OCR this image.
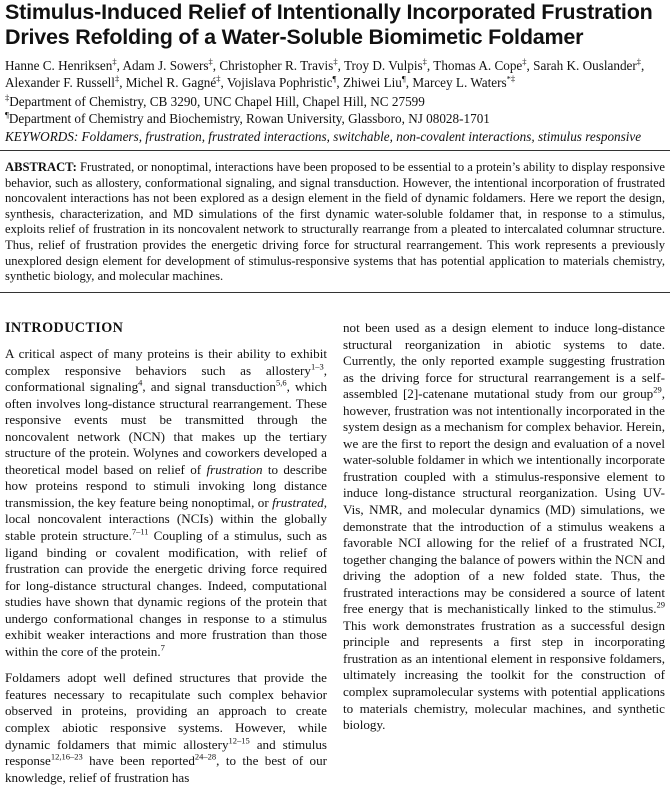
Stimulus-Induced Relief of Intentionally Incorporated Frustration Drives Refolding of a Water-Soluble Biomimetic Foldamer
Hanne C. Henriksen‡, Adam J. Sowers‡, Christopher R. Travis‡, Troy D. Vulpis‡, Thomas A. Cope‡, Sarah K. Ouslander‡, Alexander F. Russell‡, Michel R. Gagné‡, Vojislava Pophristic¶, Zhiwei Liu¶, Marcey L. Waters*‡
‡Department of Chemistry, CB 3290, UNC Chapel Hill, Chapel Hill, NC 27599
¶Department of Chemistry and Biochemistry, Rowan University, Glassboro, NJ 08028-1701
KEYWORDS: Foldamers, frustration, frustrated interactions, switchable, non-covalent interactions, stimulus responsive
ABSTRACT: Frustrated, or nonoptimal, interactions have been proposed to be essential to a protein’s ability to display responsive behavior, such as allostery, conformational signaling, and signal transduction. However, the intentional incorporation of frustrated noncovalent interactions has not been explored as a design element in the field of dynamic foldamers. Here we report the design, synthesis, characterization, and MD simulations of the first dynamic water-soluble foldamer that, in response to a stimulus, exploits relief of frustration in its noncovalent network to structurally rearrange from a pleated to intercalated columnar structure. Thus, relief of frustration provides the energetic driving force for structural rearrangement. This work represents a previously unexplored design element for development of stimulus-responsive systems that has potential application to materials chemistry, synthetic biology, and molecular machines.
INTRODUCTION
A critical aspect of many proteins is their ability to exhibit complex responsive behaviors such as allostery$^{1-3}$, conformational signaling$^4$, and signal transduction$^{5,6}$, which often involves long-distance structural rearrangement. These responsive events must be transmitted through the noncovalent network (NCN) that makes up the tertiary structure of the protein. Wolynes and coworkers developed a theoretical model based on relief of frustration to describe how proteins respond to stimuli invoking long distance transmission, the key feature being nonoptimal, or frustrated, local noncovalent interactions (NCIs) within the globally stable protein structure.$^{7-11}$ Coupling of a stimulus, such as ligand binding or covalent modification, with relief of frustration can provide the energetic driving force required for long-distance structural changes. Indeed, computational studies have shown that dynamic regions of the protein that undergo conformational changes in response to a stimulus exhibit weaker interactions and more frustration than those within the core of the protein.$^7$
Foldamers adopt well defined structures that provide the features necessary to recapitulate such complex behavior observed in proteins, providing an approach to create complex abiotic responsive systems. However, while dynamic foldamers that mimic allostery$^{12-15}$ and stimulus response$^{12,16-23}$ have been reported$^{24-28}$, to the best of our knowledge, relief of frustration has
not been used as a design element to induce long-distance structural reorganization in abiotic systems to date. Currently, the only reported example suggesting frustration as the driving force for structural rearrangement is a self-assembled [2]-catenane mutational study from our group$^{29}$, however, frustration was not intentionally incorporated in the system design as a mechanism for complex behavior. Herein, we are the first to report the design and evaluation of a novel water-soluble foldamer in which we intentionally incorporate frustration coupled with a stimulus-responsive element to induce long-distance structural reorganization. Using UV-Vis, NMR, and molecular dynamics (MD) simulations, we demonstrate that the introduction of a stimulus weakens a favorable NCI allowing for the relief of a frustrated NCI, together changing the balance of powers within the NCN and driving the adoption of a new folded state. Thus, the frustrated interactions may be considered a source of latent free energy that is mechanistically linked to the stimulus.$^{29}$ This work demonstrates frustration as a successful design principle and represents a first step in incorporating frustration as an intentional element in responsive foldamers, ultimately increasing the toolkit for the construction of complex supramolecular systems with potential applications to materials chemistry, molecular machines, and synthetic biology.
